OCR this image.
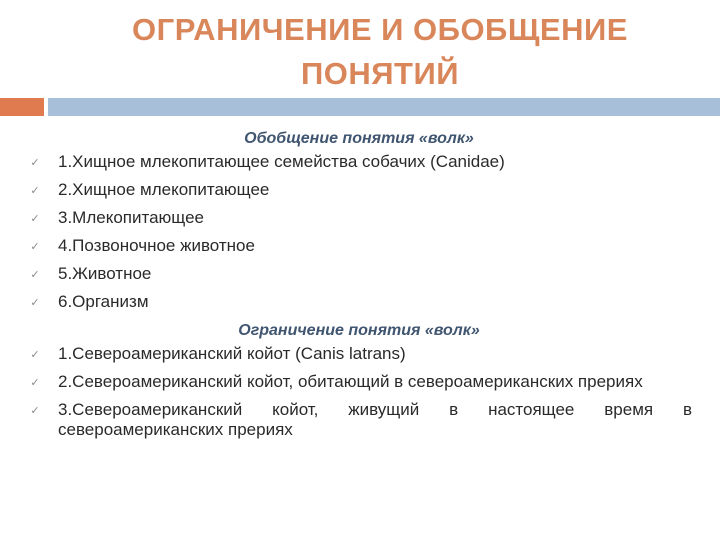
ОГРАНИЧЕНИЕ И ОБОБЩЕНИЕ
ПОНЯТИЙ
Обобщение понятия «волк»
✓ 1.Хищное млекопитающее семейства собачих (Canidae)
✓ 2.Хищное млекопитающее
✓ 3.Млекопитающее
✓ 4.Позвоночное животное
✓ 5.Животное
✓ 6.Организм
Ограничение понятия «волк»
✓ 1.Североамериканский койот (Canis latrans)
✓ 2.Североамериканский койот, обитающий в североамериканских прериях
✓ 3.Североамериканский койот, живущий в настоящее время в североамериканских прериях
